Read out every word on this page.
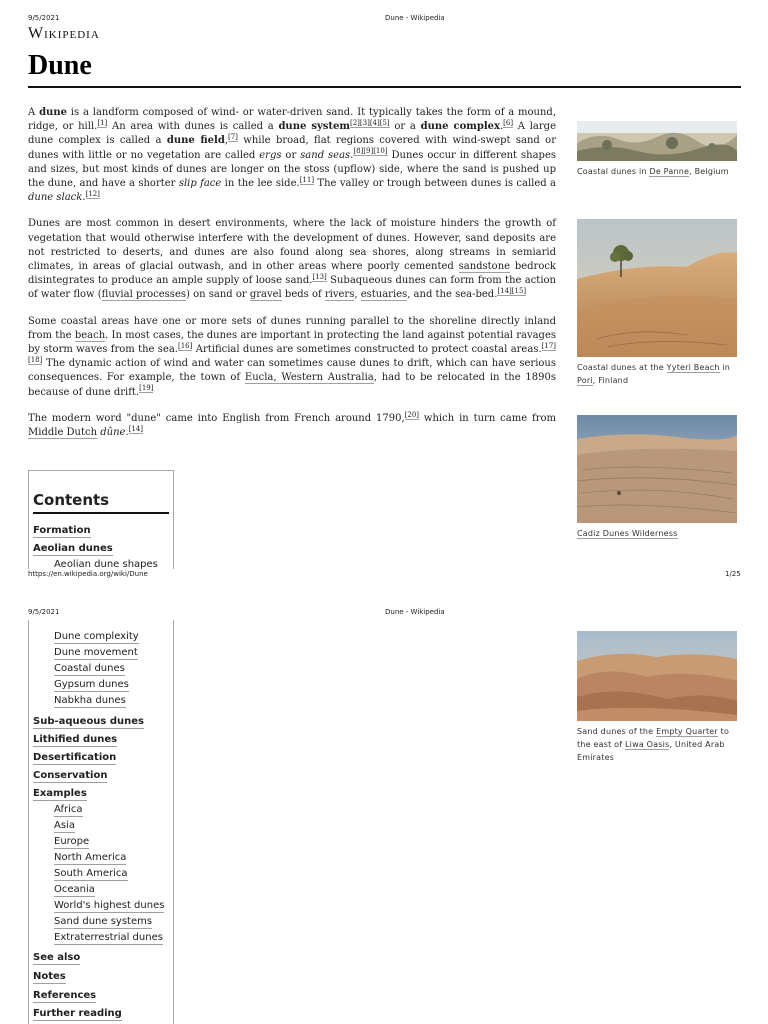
9/5/2021	Dune - Wikipedia
Wikipedia
Dune

A dune is a landform composed of wind- or water-driven sand. It typically takes the form of a mound, ridge, or hill.[1] An area with dunes is called a dune system[2][3][4][5] or a dune complex.[6] A large dune complex is called a dune field,[7] while broad, flat regions covered with wind-swept sand or dunes with little or no vegetation are called ergs or sand seas.[8][9][10] Dunes occur in different shapes and sizes, but most kinds of dunes are longer on the stoss (upflow) side, where the sand is pushed up the dune, and have a shorter slip face in the lee side.[11] The valley or trough between dunes is called a dune slack.[12]

Dunes are most common in desert environments, where the lack of moisture hinders the growth of vegetation that would otherwise interfere with the development of dunes. However, sand deposits are not restricted to deserts, and dunes are also found along sea shores, along streams in semiarid climates, in areas of glacial outwash, and in other areas where poorly cemented sandstone bedrock disintegrates to produce an ample supply of loose sand.[13] Subaqueous dunes can form from the action of water flow (fluvial processes) on sand or gravel beds of rivers, estuaries, and the sea-bed.[14][15]

Some coastal areas have one or more sets of dunes running parallel to the shoreline directly inland from the beach. In most cases, the dunes are important in protecting the land against potential ravages by storm waves from the sea.[16] Artificial dunes are sometimes constructed to protect coastal areas.[17][18] The dynamic action of wind and water can sometimes cause dunes to drift, which can have serious consequences. For example, the town of Eucla, Western Australia, had to be relocated in the 1890s because of dune drift.[19]

The modern word "dune" came into English from French around 1790,[20] which in turn came from Middle Dutch dûne.[14]

Coastal dunes in De Panne, Belgium
Coastal dunes at the Yyteri Beach in Pori, Finland
Cadiz Dunes Wilderness
Contents
Formation
Aeolian dunes
Aeolian dune shapes
https://en.wikipedia.org/wiki/Dune	1/25
9/5/2021	Dune - Wikipedia
Dune complexity
Dune movement
Coastal dunes
Gypsum dunes
Nabkha dunes
Sub-aqueous dunes
Lithified dunes
Desertification
Conservation
Examples
Africa
Asia
Europe
North America
South America
Oceania
World's highest dunes
Sand dune systems
Extraterrestrial dunes
See also
Notes
References
Further reading
Sand dunes of the Empty Quarter to the east of Liwa Oasis, United Arab Emirates
